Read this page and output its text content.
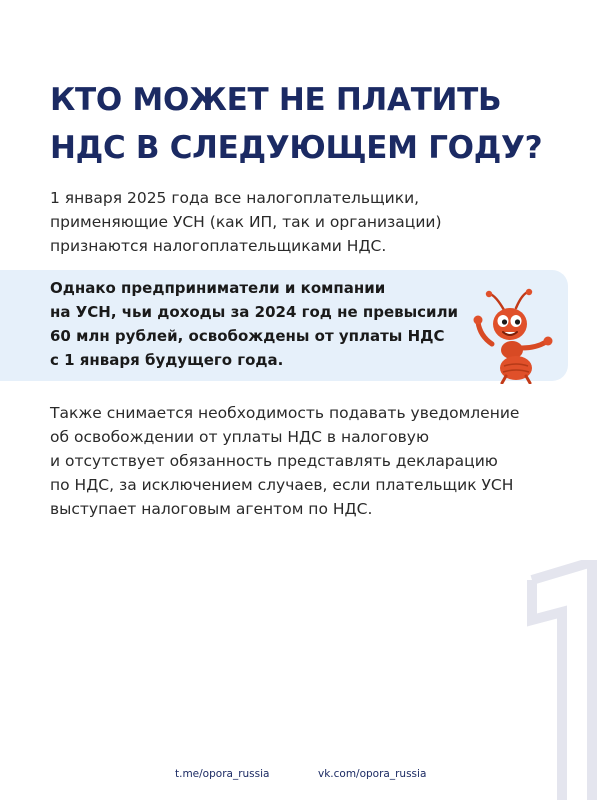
КТО МОЖЕТ НЕ ПЛАТИТЬ
НДС В СЛЕДУЮЩЕМ ГОДУ?

1 января 2025 года все налогоплательщики,
применяющие УСН (как ИП, так и организации)
признаются налогоплательщиками НДС.

Однако предприниматели и компании
на УСН, чьи доходы за 2024 год не превысили
60 млн рублей, освобождены от уплаты НДС
с 1 января будущего года.

Также снимается необходимость подавать уведомление
об освобождении от уплаты НДС в налоговую
и отсутствует обязанность представлять декларацию
по НДС, за исключением случаев, если плательщик УСН
выступает налоговым агентом по НДС.

1
t.me/opora_russia	vk.com/opora_russia
